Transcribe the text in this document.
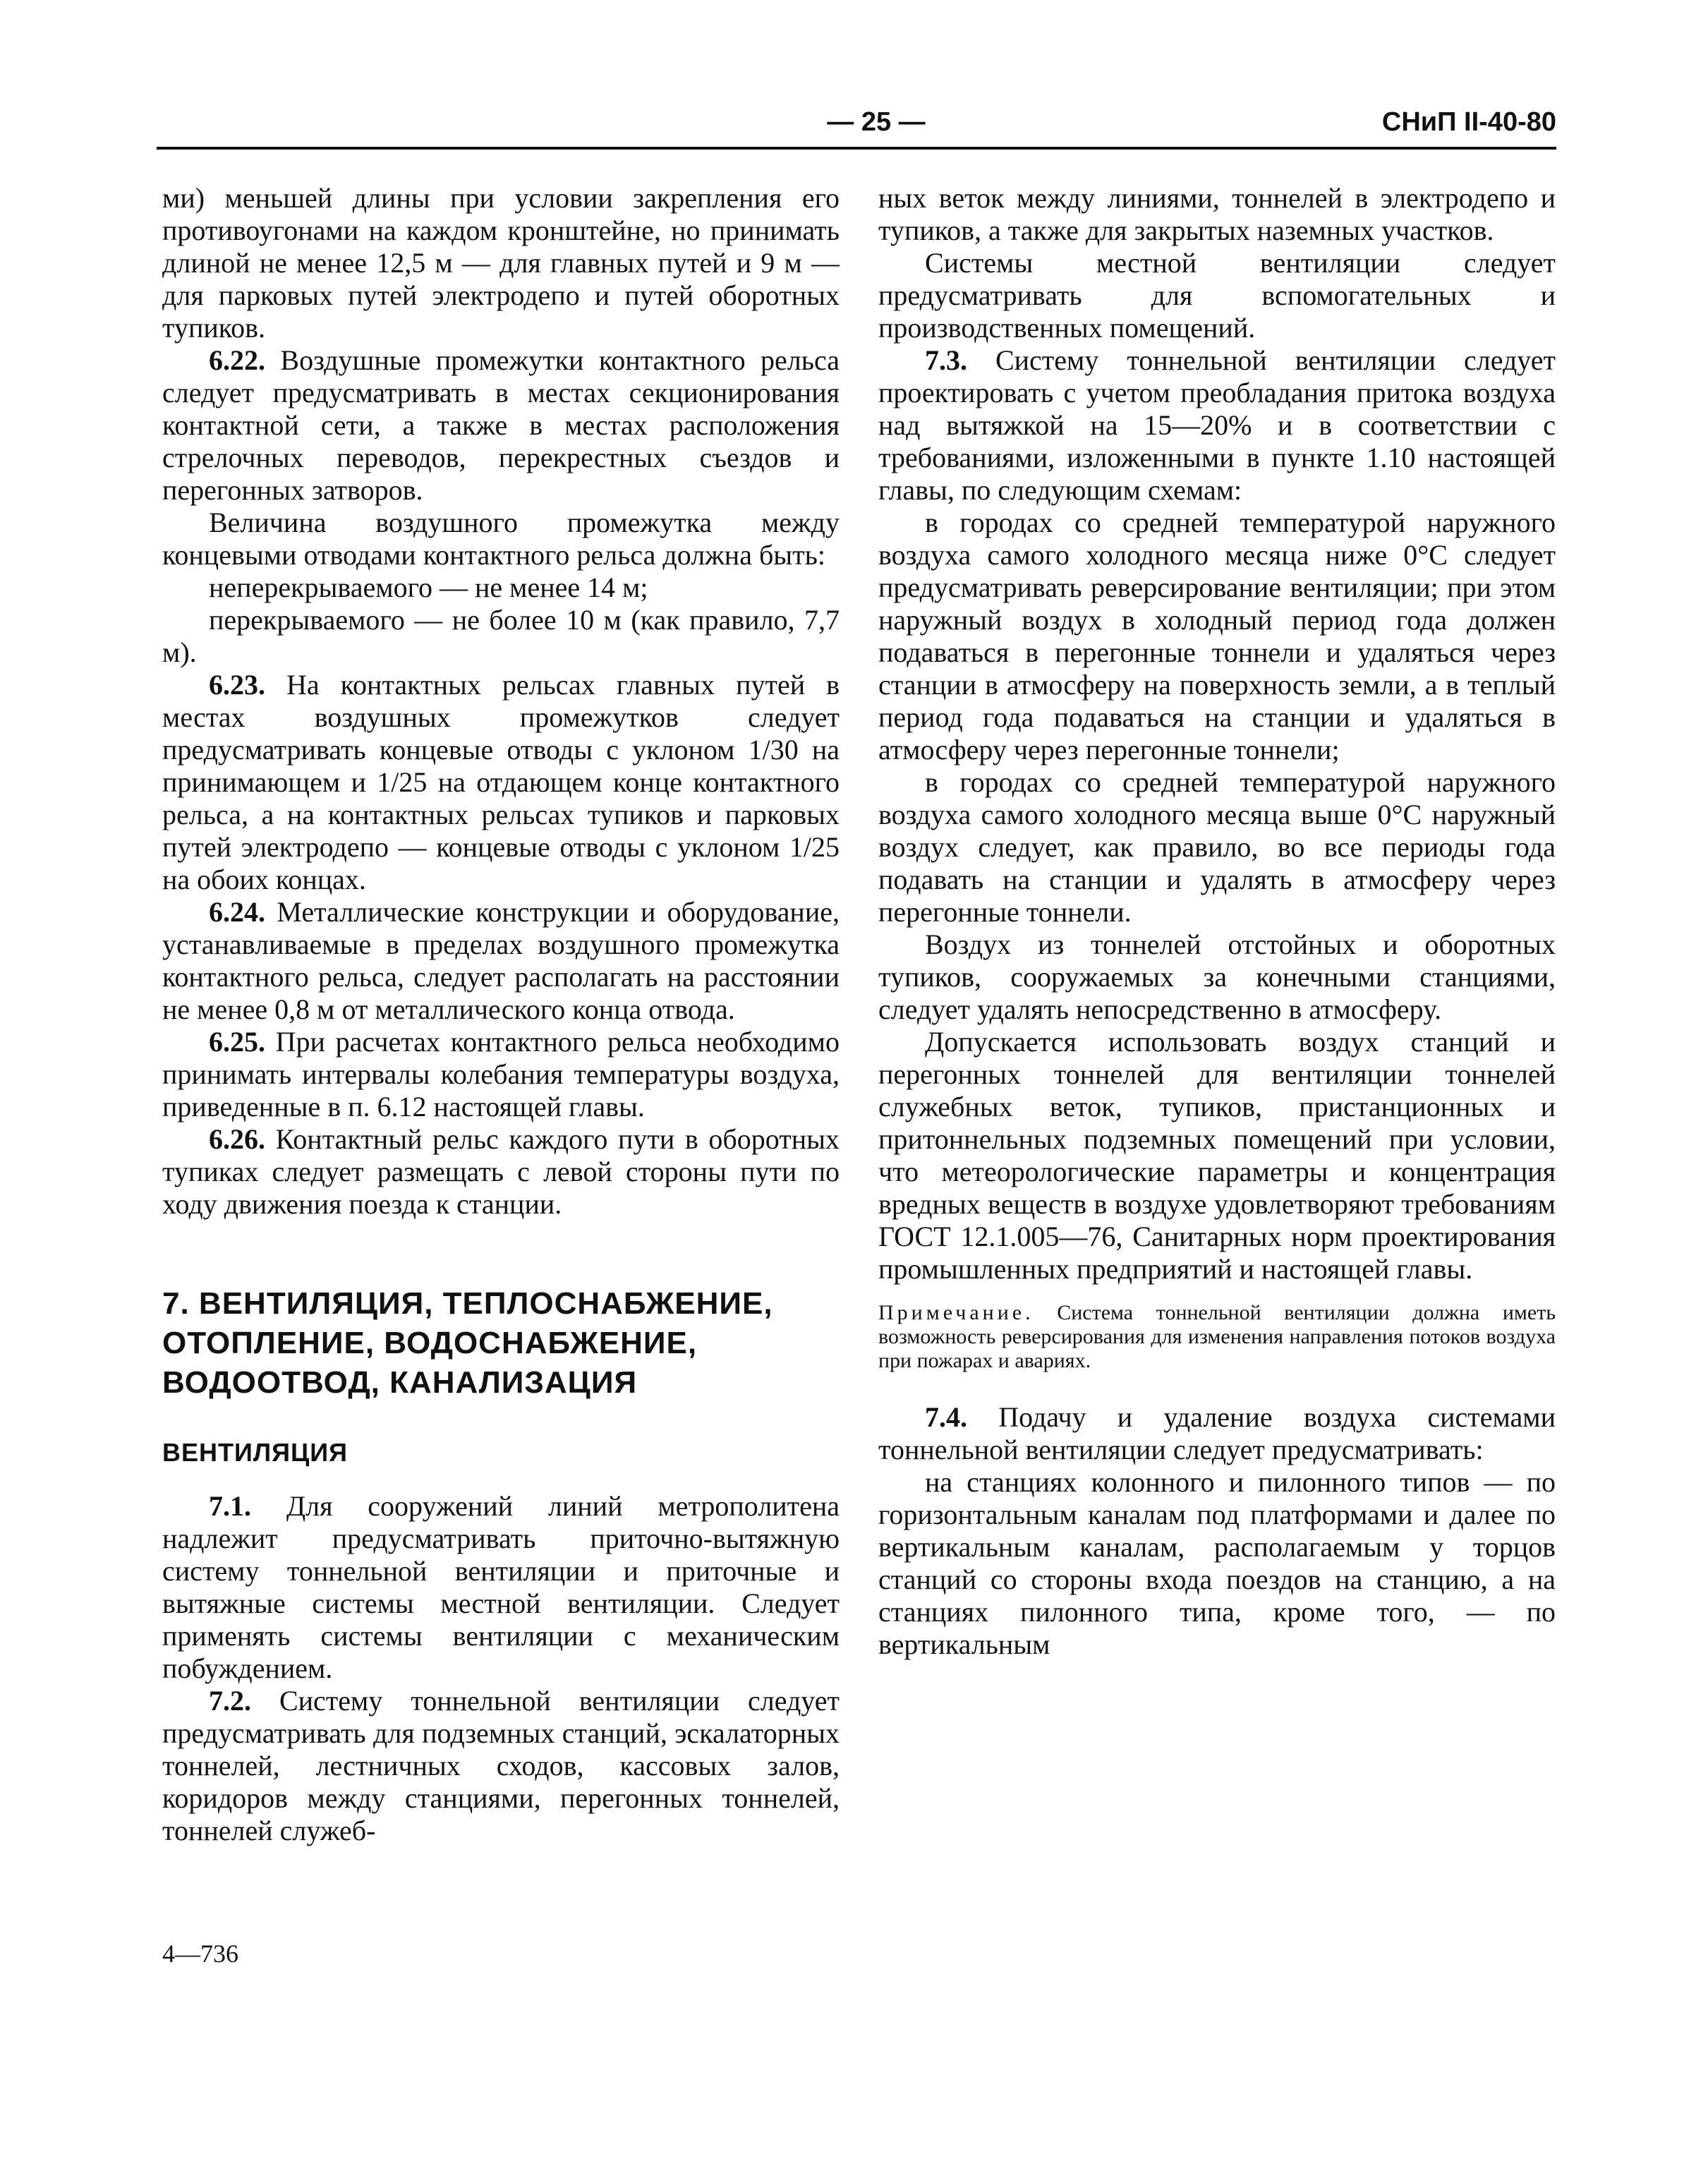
— 25 —	СНиП II-40-80

ми) меньшей длины при условии закрепления его противоугонами на каждом кронштейне, но принимать длиной не менее 12,5 м — для главных путей и 9 м — для парковых путей электродепо и путей оборотных тупиков.

6.22. Воздушные промежутки контактного рельса следует предусматривать в местах секционирования контактной сети, а также в местах расположения стрелочных переводов, перекрестных съездов и перегонных затворов.

Величина воздушного промежутка между концевыми отводами контактного рельса должна быть:

неперекрываемого — не менее 14 м;

перекрываемого — не более 10 м (как правило, 7,7 м).

6.23. На контактных рельсах главных путей в местах воздушных промежутков следует предусматривать концевые отводы с уклоном 1/30 на принимающем и 1/25 на отдающем конце контактного рельса, а на контактных рельсах тупиков и парковых путей электродепо — концевые отводы с уклоном 1/25 на обоих концах.

6.24. Металлические конструкции и оборудование, устанавливаемые в пределах воздушного промежутка контактного рельса, следует располагать на расстоянии не менее 0,8 м от металлического конца отвода.

6.25. При расчетах контактного рельса необходимо принимать интервалы колебания температуры воздуха, приведенные в п. 6.12 настоящей главы.

6.26. Контактный рельс каждого пути в оборотных тупиках следует размещать с левой стороны пути по ходу движения поезда к станции.

7. ВЕНТИЛЯЦИЯ, ТЕПЛОСНАБЖЕНИЕ, ОТОПЛЕНИЕ, ВОДОСНАБЖЕНИЕ, ВОДООТВОД, КАНАЛИЗАЦИЯ

ВЕНТИЛЯЦИЯ

7.1. Для сооружений линий метрополитена надлежит предусматривать приточно-вытяжную систему тоннельной вентиляции и приточные и вытяжные системы местной вентиляции. Следует применять системы вентиляции с механическим побуждением.

7.2. Систему тоннельной вентиляции следует предусматривать для подземных станций, эскалаторных тоннелей, лестничных сходов, кассовых залов, коридоров между станциями, перегонных тоннелей, тоннелей служеб-

ных веток между линиями, тоннелей в электродепо и тупиков, а также для закрытых наземных участков.

Системы местной вентиляции следует предусматривать для вспомогательных и производственных помещений.

7.3. Систему тоннельной вентиляции следует проектировать с учетом преобладания притока воздуха над вытяжкой на 15—20% и в соответствии с требованиями, изложенными в пункте 1.10 настоящей главы, по следующим схемам:

в городах со средней температурой наружного воздуха самого холодного месяца ниже 0°С следует предусматривать реверсирование вентиляции; при этом наружный воздух в холодный период года должен подаваться в перегонные тоннели и удаляться через станции в атмосферу на поверхность земли, а в теплый период года подаваться на станции и удаляться в атмосферу через перегонные тоннели;

в городах со средней температурой наружного воздуха самого холодного месяца выше 0°С наружный воздух следует, как правило, во все периоды года подавать на станции и удалять в атмосферу через перегонные тоннели.

Воздух из тоннелей отстойных и оборотных тупиков, сооружаемых за конечными станциями, следует удалять непосредственно в атмосферу.

Допускается использовать воздух станций и перегонных тоннелей для вентиляции тоннелей служебных веток, тупиков, пристанционных и притоннельных подземных помещений при условии, что метеорологические параметры и концентрация вредных веществ в воздухе удовлетворяют требованиям ГОСТ 12.1.005—76, Санитарных норм проектирования промышленных предприятий и настоящей главы.

Примечание. Система тоннельной вентиляции должна иметь возможность реверсирования для изменения направления потоков воздуха при пожарах и авариях.

7.4. Подачу и удаление воздуха системами тоннельной вентиляции следует предусматривать:

на станциях колонного и пилонного типов — по горизонтальным каналам под платформами и далее по вертикальным каналам, располагаемым у торцов станций со стороны входа поездов на станцию, а на станциях пилонного типа, кроме того, — по вертикальным

4—736
